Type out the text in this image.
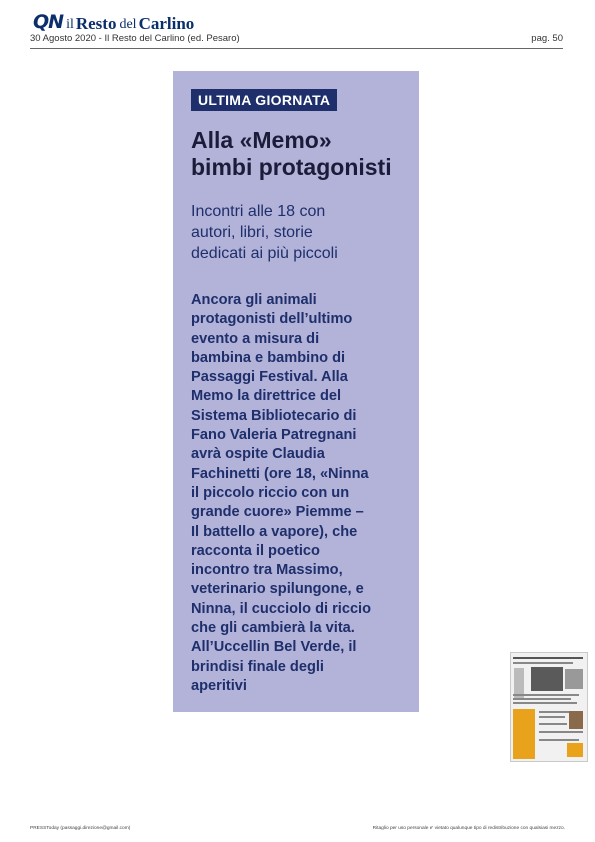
QN il Resto del Carlino
30 Agosto 2020 - Il Resto del Carlino (ed. Pesaro)	pag. 50
ULTIMA GIORNATA
Alla «Memo»
bimbi protagonisti
Incontri alle 18 con
autori, libri, storie
dedicati ai più piccoli
Ancora gli animali
protagonisti dell’ultimo
evento a misura di
bambina e bambino di
Passaggi Festival. Alla
Memo la direttrice del
Sistema Bibliotecario di
Fano Valeria Patregnani
avrà ospite Claudia
Fachinetti (ore 18, «Ninna
il piccolo riccio con un
grande cuore» Piemme –
Il battello a vapore), che
racconta il poetico
incontro tra Massimo,
veterinario spilungone, e
Ninna, il cucciolo di riccio
che gli cambierà la vita.
All’Uccellin Bel Verde, il
brindisi finale degli
aperitivi
PRESSToday (passaggi.direzione@gmail.com)	Ritaglio per uso personale e' vietato qualunque tipo di redistribuzione con qualsiasi mezzo.
